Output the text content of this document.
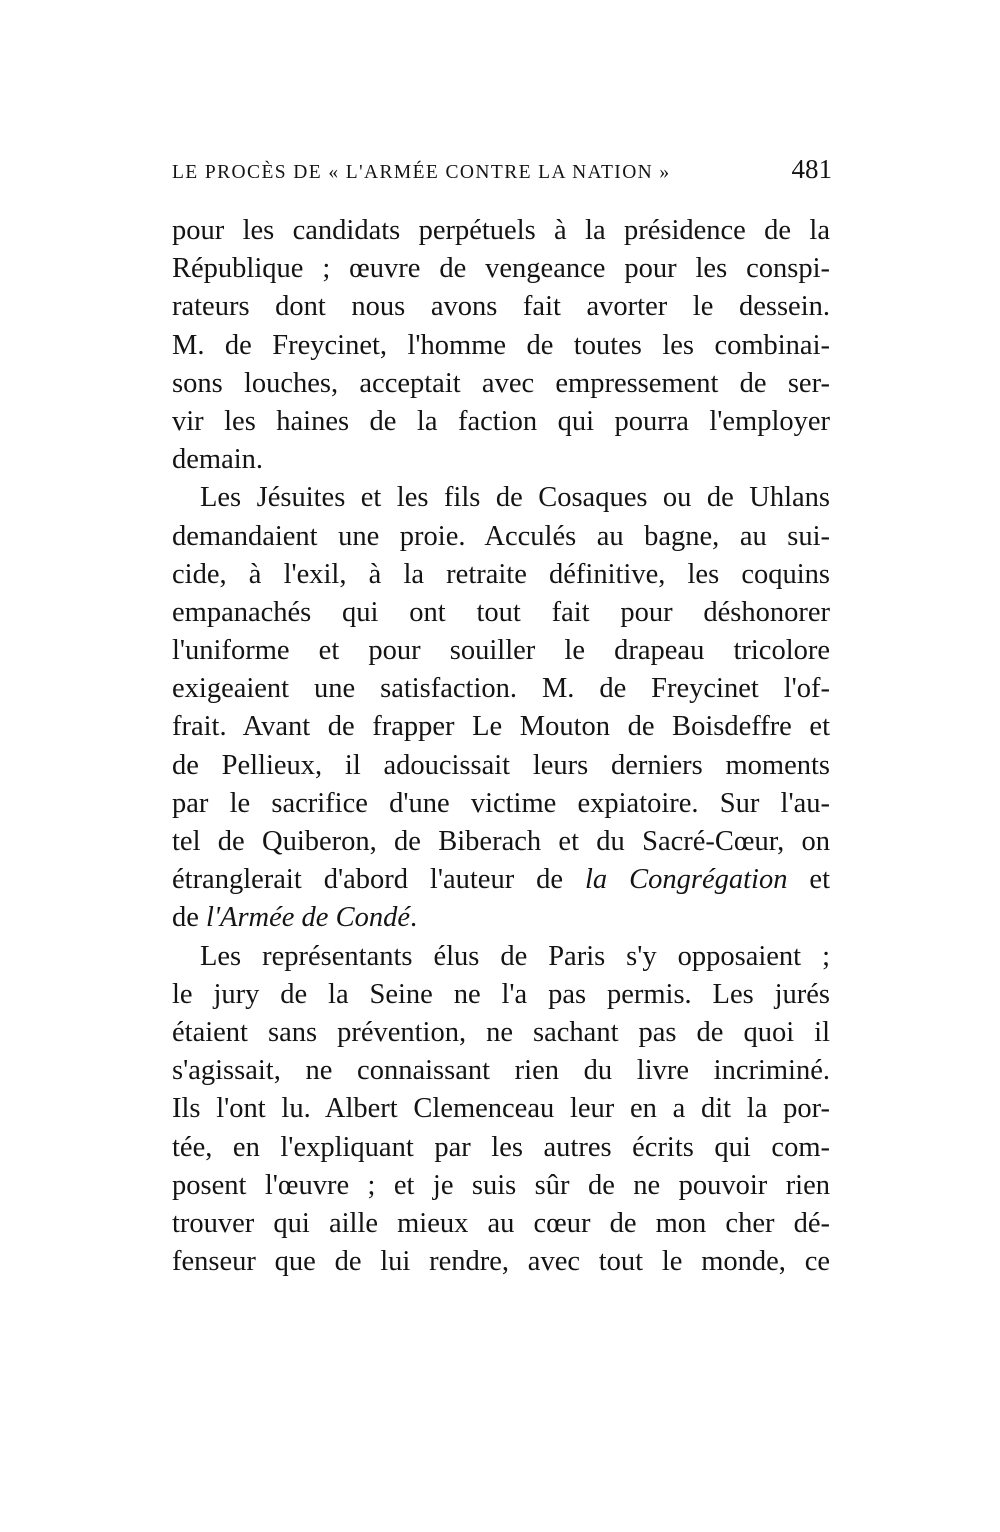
LE PROCÈS DE « L'ARMÉE CONTRE LA NATION »	481
pour les candidats perpétuels à la présidence de la
République ; œuvre de vengeance pour les conspi-
rateurs dont nous avons fait avorter le dessein.
M. de Freycinet, l'homme de toutes les combinai-
sons louches, acceptait avec empressement de ser-
vir les haines de la faction qui pourra l'employer
demain.
Les Jésuites et les fils de Cosaques ou de Uhlans
demandaient une proie. Acculés au bagne, au sui-
cide, à l'exil, à la retraite définitive, les coquins
empanachés qui ont tout fait pour déshonorer
l'uniforme et pour souiller le drapeau tricolore
exigeaient une satisfaction. M. de Freycinet l'of-
frait. Avant de frapper Le Mouton de Boisdeffre et
de Pellieux, il adoucissait leurs derniers moments
par le sacrifice d'une victime expiatoire. Sur l'au-
tel de Quiberon, de Biberach et du Sacré-Cœur, on
étranglerait d'abord l'auteur de la Congrégation et
de l'Armée de Condé.
Les représentants élus de Paris s'y opposaient ;
le jury de la Seine ne l'a pas permis. Les jurés
étaient sans prévention, ne sachant pas de quoi il
s'agissait, ne connaissant rien du livre incriminé.
Ils l'ont lu. Albert Clemenceau leur en a dit la por-
tée, en l'expliquant par les autres écrits qui com-
posent l'œuvre ; et je suis sûr de ne pouvoir rien
trouver qui aille mieux au cœur de mon cher dé-
fenseur que de lui rendre, avec tout le monde, ce
